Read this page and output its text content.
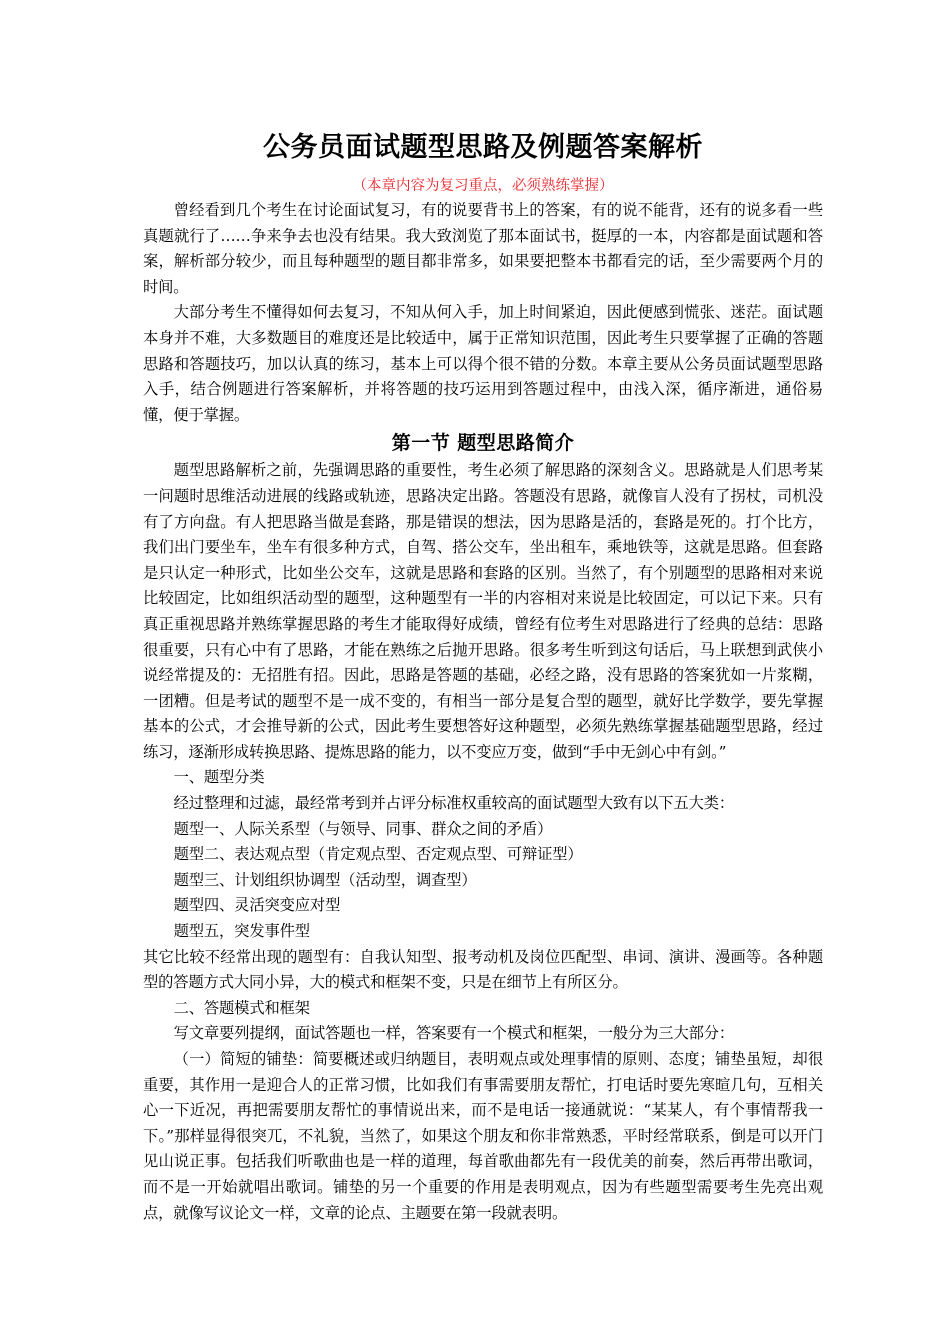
公务员面试题型思路及例题答案解析

（本章内容为复习重点，必须熟练掌握）

曾经看到几个考生在讨论面试复习，有的说要背书上的答案，有的说不能背，还有的说多看一些真题就行了……争来争去也没有结果。我大致浏览了那本面试书，挺厚的一本，内容都是面试题和答案，解析部分较少，而且每种题型的题目都非常多，如果要把整本书都看完的话，至少需要两个月的时间。

大部分考生不懂得如何去复习，不知从何入手，加上时间紧迫，因此便感到慌张、迷茫。面试题本身并不难，大多数题目的难度还是比较适中，属于正常知识范围，因此考生只要掌握了正确的答题思路和答题技巧，加以认真的练习，基本上可以得个很不错的分数。本章主要从公务员面试题型思路入手，结合例题进行答案解析，并将答题的技巧运用到答题过程中，由浅入深，循序渐进，通俗易懂，便于掌握。

第一节 题型思路简介

题型思路解析之前，先强调思路的重要性，考生必须了解思路的深刻含义。思路就是人们思考某一问题时思维活动进展的线路或轨迹，思路决定出路。答题没有思路，就像盲人没有了拐杖，司机没有了方向盘。有人把思路当做是套路，那是错误的想法，因为思路是活的，套路是死的。打个比方，我们出门要坐车，坐车有很多种方式，自驾、搭公交车，坐出租车，乘地铁等，这就是思路。但套路是只认定一种形式，比如坐公交车，这就是思路和套路的区别。当然了，有个别题型的思路相对来说比较固定，比如组织活动型的题型，这种题型有一半的内容相对来说是比较固定，可以记下来。只有真正重视思路并熟练掌握思路的考生才能取得好成绩，曾经有位考生对思路进行了经典的总结：思路很重要，只有心中有了思路，才能在熟练之后抛开思路。很多考生听到这句话后，马上联想到武侠小说经常提及的：无招胜有招。因此，思路是答题的基础，必经之路，没有思路的答案犹如一片浆糊，一团糟。但是考试的题型不是一成不变的，有相当一部分是复合型的题型，就好比学数学，要先掌握基本的公式，才会推导新的公式，因此考生要想答好这种题型，必须先熟练掌握基础题型思路，经过练习，逐渐形成转换思路、提炼思路的能力，以不变应万变，做到“手中无剑心中有剑。”

一、题型分类

经过整理和过滤，最经常考到并占评分标准权重较高的面试题型大致有以下五大类：

题型一、人际关系型（与领导、同事、群众之间的矛盾）

题型二、表达观点型（肯定观点型、否定观点型、可辩证型）

题型三、计划组织协调型（活动型，调查型）

题型四、灵活突变应对型

题型五，突发事件型

其它比较不经常出现的题型有：自我认知型、报考动机及岗位匹配型、串词、演讲、漫画等。各种题型的答题方式大同小异，大的模式和框架不变，只是在细节上有所区分。

二、答题模式和框架

写文章要列提纲，面试答题也一样，答案要有一个模式和框架，一般分为三大部分：

（一）简短的铺垫：简要概述或归纳题目，表明观点或处理事情的原则、态度；铺垫虽短，却很重要，其作用一是迎合人的正常习惯，比如我们有事需要朋友帮忙，打电话时要先寒暄几句，互相关心一下近况，再把需要朋友帮忙的事情说出来，而不是电话一接通就说：“某某人，有个事情帮我一下。”那样显得很突兀，不礼貌，当然了，如果这个朋友和你非常熟悉，平时经常联系，倒是可以开门见山说正事。包括我们听歌曲也是一样的道理，每首歌曲都先有一段优美的前奏，然后再带出歌词，而不是一开始就唱出歌词。铺垫的另一个重要的作用是表明观点，因为有些题型需要考生先亮出观点，就像写议论文一样，文章的论点、主题要在第一段就表明。
